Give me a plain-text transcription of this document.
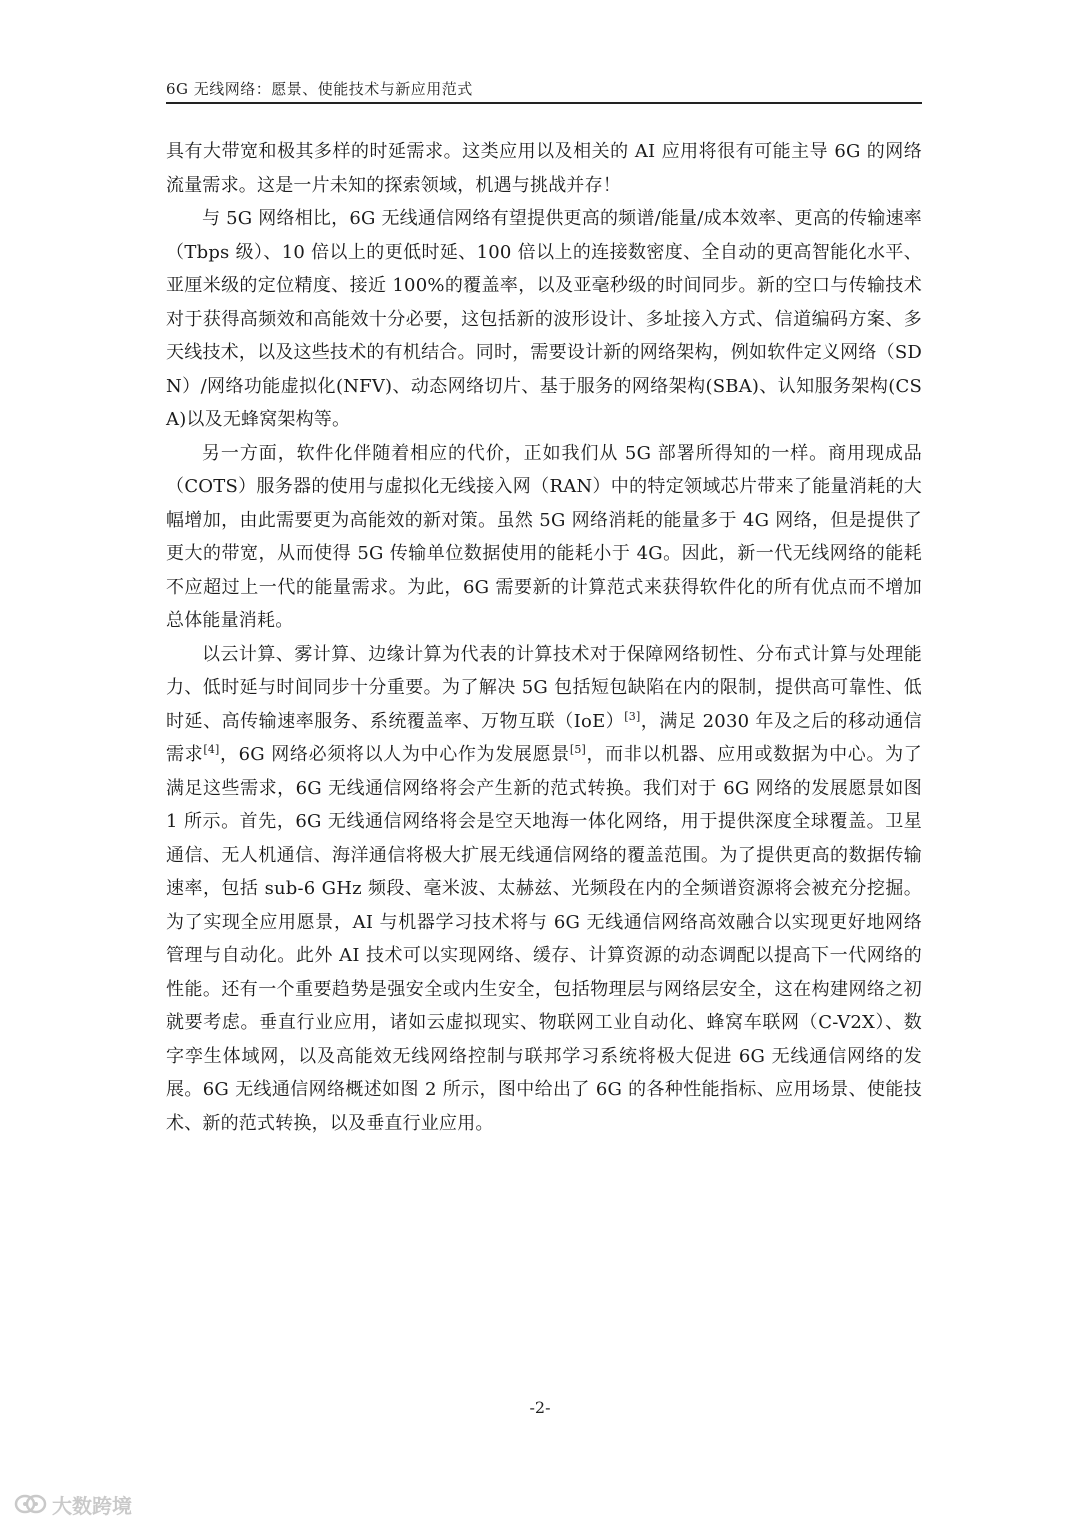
6G 无线网络：愿景、使能技术与新应用范式

具有大带宽和极其多样的时延需求。这类应用以及相关的 AI 应用将很有可能主导 6G 的网络流量需求。这是一片未知的探索领域，机遇与挑战并存！

与 5G 网络相比，6G 无线通信网络有望提供更高的频谱/能量/成本效率、更高的传输速率（Tbps 级）、10 倍以上的更低时延、100 倍以上的连接数密度、全自动的更高智能化水平、亚厘米级的定位精度、接近 100%的覆盖率，以及亚毫秒级的时间同步。新的空口与传输技术对于获得高频效和高能效十分必要，这包括新的波形设计、多址接入方式、信道编码方案、多天线技术，以及这些技术的有机结合。同时，需要设计新的网络架构，例如软件定义网络（SDN）/网络功能虚拟化(NFV)、动态网络切片、基于服务的网络架构(SBA)、认知服务架构(CSA)以及无蜂窝架构等。

另一方面，软件化伴随着相应的代价，正如我们从 5G 部署所得知的一样。商用现成品（COTS）服务器的使用与虚拟化无线接入网（RAN）中的特定领域芯片带来了能量消耗的大幅增加，由此需要更为高能效的新对策。虽然 5G 网络消耗的能量多于 4G 网络，但是提供了更大的带宽，从而使得 5G 传输单位数据使用的能耗小于 4G。因此，新一代无线网络的能耗不应超过上一代的能量需求。为此，6G 需要新的计算范式来获得软件化的所有优点而不增加总体能量消耗。

以云计算、雾计算、边缘计算为代表的计算技术对于保障网络韧性、分布式计算与处理能力、低时延与时间同步十分重要。为了解决 5G 包括短包缺陷在内的限制，提供高可靠性、低时延、高传输速率服务、系统覆盖率、万物互联（IoE）[3]，满足 2030 年及之后的移动通信需求[4]，6G 网络必须将以人为中心作为发展愿景[5]，而非以机器、应用或数据为中心。为了满足这些需求，6G 无线通信网络将会产生新的范式转换。我们对于 6G 网络的发展愿景如图 1 所示。首先，6G 无线通信网络将会是空天地海一体化网络，用于提供深度全球覆盖。卫星通信、无人机通信、海洋通信将极大扩展无线通信网络的覆盖范围。为了提供更高的数据传输速率，包括 sub-6 GHz 频段、毫米波、太赫兹、光频段在内的全频谱资源将会被充分挖掘。为了实现全应用愿景，AI 与机器学习技术将与 6G 无线通信网络高效融合以实现更好地网络管理与自动化。此外 AI 技术可以实现网络、缓存、计算资源的动态调配以提高下一代网络的性能。还有一个重要趋势是强安全或内生安全，包括物理层与网络层安全，这在构建网络之初就要考虑。垂直行业应用，诸如云虚拟现实、物联网工业自动化、蜂窝车联网（C-V2X）、数字孪生体域网，以及高能效无线网络控制与联邦学习系统将极大促进 6G 无线通信网络的发展。6G 无线通信网络概述如图 2 所示，图中给出了 6G 的各种性能指标、应用场景、使能技术、新的范式转换，以及垂直行业应用。

-2-
大数跨境
